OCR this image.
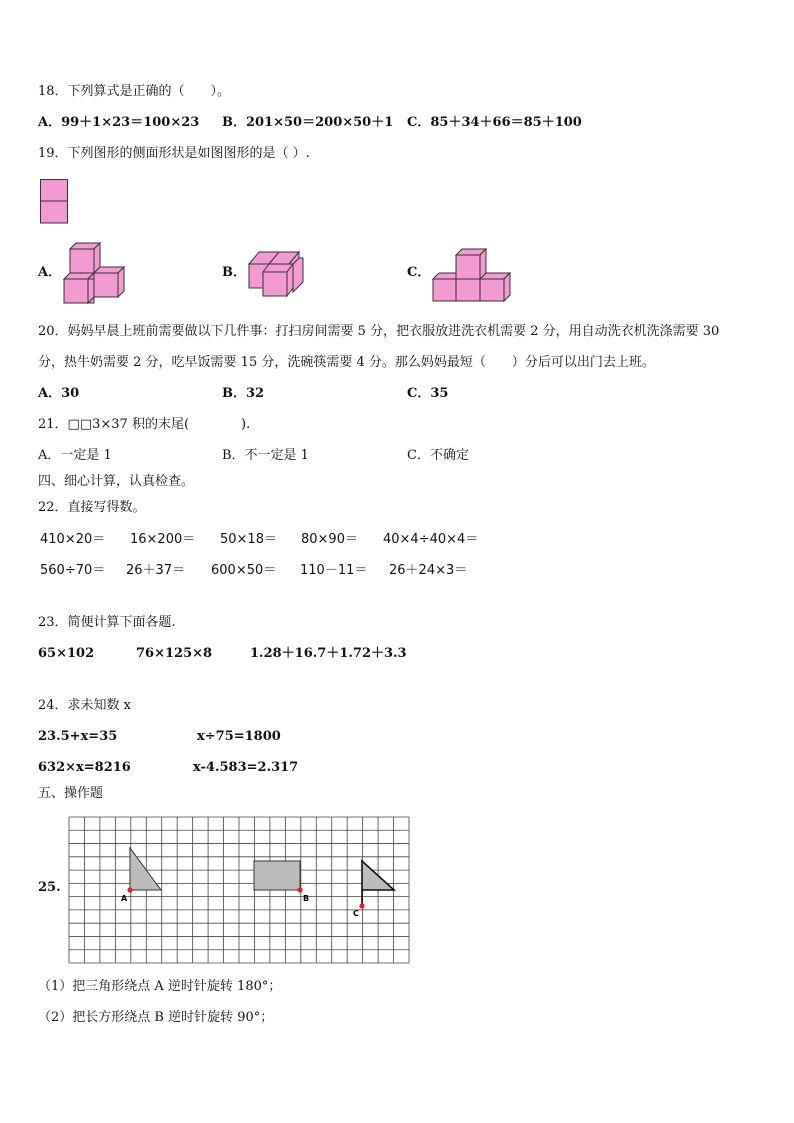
18．下列算式是正确的（　　）。
A．99＋1×23＝100×23 B．201×50＝200×50＋1 C．85＋34＋66＝85＋100
19．下列图形的侧面形状是如图图形的是（ ）.
A．	B．	C．
20．妈妈早晨上班前需要做以下几件事：打扫房间需要 5 分，把衣服放进洗衣机需要 2 分，用自动洗衣机洗涤需要 30
分，热牛奶需要 2 分，吃早饭需要 15 分，洗碗筷需要 4 分。那么妈妈最短（　　）分后可以出门去上班。
A．30	B．32	C．35
21．□□3×37 积的末尾(　　　　).
A．一定是 1	B．不一定是 1	C．不确定
四、细心计算，认真检查。
22．直接写得数。
410×20＝ 16×200＝ 50×18＝ 80×90＝ 40×4÷40×4＝
560÷70＝ 26＋37＝ 600×50＝ 110－11＝ 26＋24×3＝
23．简便计算下面各题.
65×102	76×125×8	1.28＋16.7＋1.72＋3.3
24．求未知数 x
23.5+x=35	x÷75=1800
632×x=8216	x-4.583=2.317
五、操作题
25.
A	B
C
（1）把三角形绕点 A 逆时针旋转 180°；
（2）把长方形绕点 B 逆时针旋转 90°；
